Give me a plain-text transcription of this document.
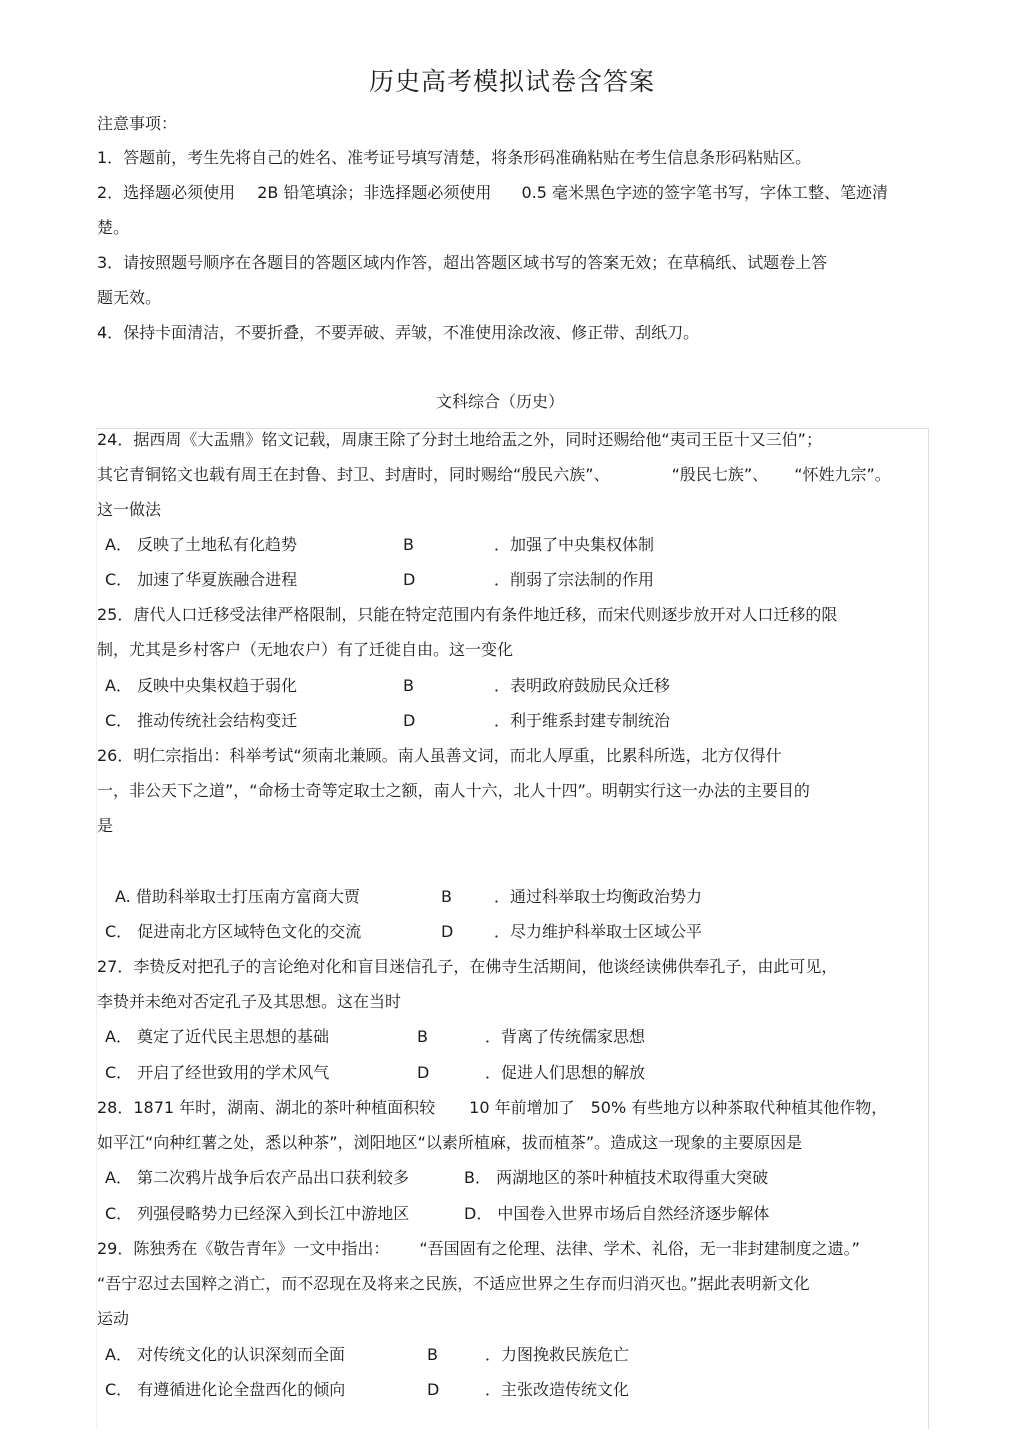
历史高考模拟试卷含答案
注意事项：
1．答题前，考生先将自己的姓名、准考证号填写清楚，将条形码准确粘贴在考生信息条形码粘贴区。
2．选择题必须使用 2B 铅笔填涂；非选择题必须使用 0.5 毫米黑色字迹的签字笔书写，字体工整、笔迹清
楚。
3．请按照题号顺序在各题目的答题区域内作答，超出答题区域书写的答案无效；在草稿纸、试题卷上答
题无效。
4．保持卡面清洁，不要折叠，不要弄破、弄皱，不准使用涂改液、修正带、刮纸刀。
文科综合（历史）
24．据西周《大盂鼎》铭文记载，周康王除了分封土地给盂之外，同时还赐给他“夷司王臣十又三伯”；
其它青铜铭文也载有周王在封鲁、封卫、封唐时，同时赐给“殷民六族”、	“殷民七族”、 “怀姓九宗”。
这一做法
A． 反映了土地私有化趋势	B	．加强了中央集权体制
C． 加速了华夏族融合进程	D	．削弱了宗法制的作用
25．唐代人口迁移受法律严格限制，只能在特定范围内有条件地迁移，而宋代则逐步放开对人口迁移的限
制，尤其是乡村客户（无地农户）有了迁徙自由。这一变化
A． 反映中央集权趋于弱化	B	．表明政府鼓励民众迁移
C． 推动传统社会结构变迁	D	．利于维系封建专制统治
26．明仁宗指出：科举考试“须南北兼顾。南人虽善文词，而北人厚重，比累科所选，北方仅得什
一，非公天下之道”，“命杨士奇等定取士之额，南人十六，北人十四”。明朝实行这一办法的主要目的
是
A. 借助科举取士打压南方富商大贾	B	．通过科举取士均衡政治势力
C． 促进南北方区域特色文化的交流	D	．尽力维护科举取士区域公平
27．李贽反对把孔子的言论绝对化和盲目迷信孔子，在佛寺生活期间，他谈经读佛供奉孔子，由此可见，
李贽并未绝对否定孔子及其思想。这在当时
A． 奠定了近代民主思想的基础	B	．背离了传统儒家思想
C． 开启了经世致用的学术风气	D	．促进人们思想的解放
28．1871 年时，湖南、湖北的茶叶种植面积较 10 年前增加了 50% 有些地方以种茶取代种植其他作物，
如平江“向种红薯之处，悉以种茶”，浏阳地区“以素所植麻，拔而植茶”。造成这一现象的主要原因是
A． 第二次鸦片战争后农产品出口获利较多	B． 两湖地区的茶叶种植技术取得重大突破
C． 列强侵略势力已经深入到长江中游地区	D． 中国卷入世界市场后自然经济逐步解体
29．陈独秀在《敬告青年》一文中指出： “吾国固有之伦理、法律、学术、礼俗，无一非封建制度之遗。”
“吾宁忍过去国粹之消亡，而不忍现在及将来之民族，不适应世界之生存而归消灭也。”据此表明新文化
运动
A． 对传统文化的认识深刻而全面	B	．力图挽救民族危亡
C． 有遵循进化论全盘西化的倾向	D	．主张改造传统文化
